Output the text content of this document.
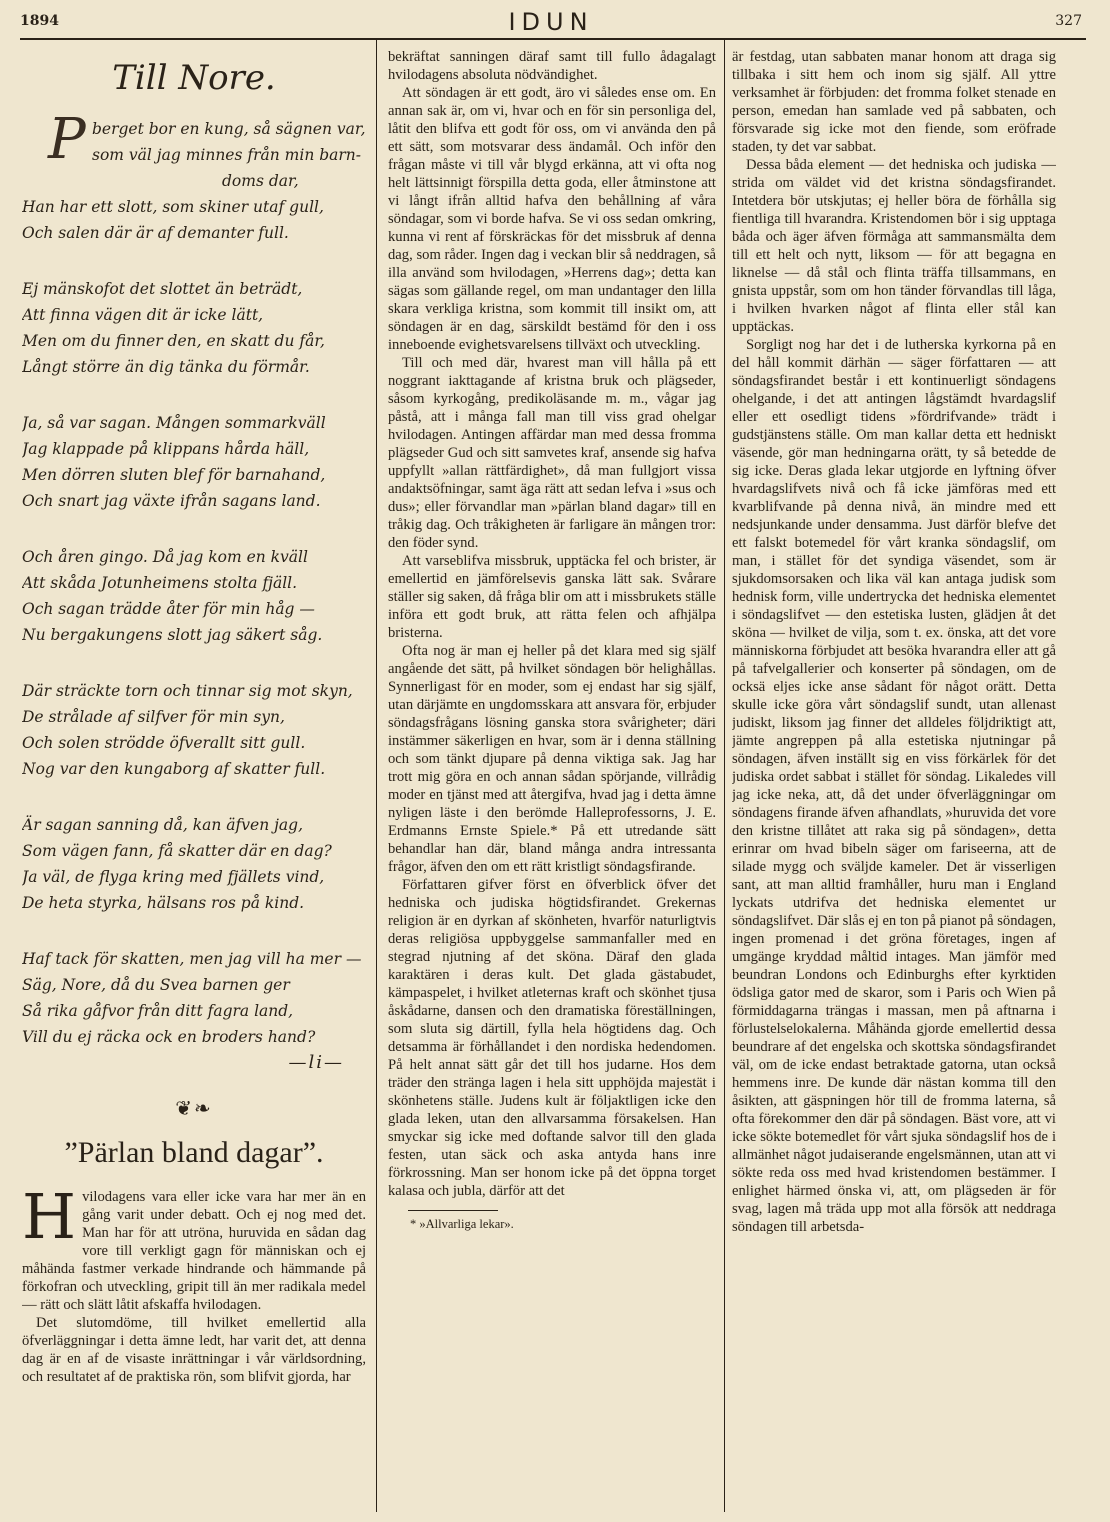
1894	IDUN	327
Till Nore.
P berget bor en kung, så sägnen var,
som väl jag minnes från min barn-
doms dar,
Han har ett slott, som skiner utaf gull,
Och salen där är af demanter full.
Ej mänskofot det slottet än beträdt,
Att finna vägen dit är icke lätt,
Men om du finner den, en skatt du får,
Långt större än dig tänka du förmår.
Ja, så var sagan. Mången sommarkväll
Jag klappade på klippans hårda häll,
Men dörren sluten blef för barnahand,
Och snart jag växte ifrån sagans land.
Och åren gingo. Då jag kom en kväll
Att skåda Jotunheimens stolta fjäll.
Och sagan trädde åter för min håg —
Nu bergakungens slott jag säkert såg.
Där sträckte torn och tinnar sig mot skyn,
De strålade af silfver för min syn,
Och solen strödde öfverallt sitt gull.
Nog var den kungaborg af skatter full.
Är sagan sanning då, kan äfven jag,
Som vägen fann, få skatter där en dag?
Ja väl, de flyga kring med fjällets vind,
De heta styrka, hälsans ros på kind.
Haf tack för skatten, men jag vill ha mer —
Säg, Nore, då du Svea barnen ger
Så rika gåfvor från ditt fagra land,
Vill du ej räcka ock en broders hand?
—li—
❦❧
”Pärlan bland dagar”.

Hvilodagens vara eller icke vara har mer än en gång varit under debatt. Och ej nog med det. Man har för att utröna, huruvida en sådan dag vore till verkligt gagn för människan och ej måhända fastmer verkade hindrande och hämmande på förkofran och utveckling, gripit till än mer radikala medel — rätt och slätt låtit afskaffa hvilodagen.

Det slutomdöme, till hvilket emellertid alla öfverläggningar i detta ämne ledt, har varit det, att denna dag är en af de visaste inrättningar i vår världsordning, och resultatet af de praktiska rön, som blifvit gjorda, har

bekräftat sanningen däraf samt till fullo ådagalagt hvilodagens absoluta nödvändighet.

Att söndagen är ett godt, äro vi således ense om. En annan sak är, om vi, hvar och en för sin personliga del, låtit den blifva ett godt för oss, om vi använda den på ett sätt, som motsvarar dess ändamål. Och inför den frågan måste vi till vår blygd erkänna, att vi ofta nog helt lättsinnigt förspilla detta goda, eller åtminstone att vi långt ifrån alltid hafva den behållning af våra söndagar, som vi borde hafva. Se vi oss sedan omkring, kunna vi rent af förskräckas för det missbruk af denna dag, som råder. Ingen dag i veckan blir så neddragen, så illa använd som hvilodagen, »Herrens dag»; detta kan sägas som gällande regel, om man undantager den lilla skara verkliga kristna, som kommit till insikt om, att söndagen är en dag, särskildt bestämd för den i oss inneboende evighetsvarelsens tillväxt och utveckling.

Till och med där, hvarest man vill hålla på ett noggrant iakttagande af kristna bruk och plägseder, såsom kyrkogång, predikoläsande m. m., vågar jag påstå, att i många fall man till viss grad ohelgar hvilodagen. Antingen affärdar man med dessa fromma plägseder Gud och sitt samvetes kraf, ansende sig hafva uppfyllt »allan rättfärdighet», då man fullgjort vissa andaktsöfningar, samt äga rätt att sedan lefva i »sus och dus»; eller förvandlar man »pärlan bland dagar» till en tråkig dag. Och tråkigheten är farligare än mången tror: den föder synd.

Att varseblifva missbruk, upptäcka fel och brister, är emellertid en jämförelsevis ganska lätt sak. Svårare ställer sig saken, då fråga blir om att i missbrukets ställe införa ett godt bruk, att rätta felen och afhjälpa bristerna.

Ofta nog är man ej heller på det klara med sig själf angående det sätt, på hvilket söndagen bör helighållas. Synnerligast för en moder, som ej endast har sig själf, utan därjämte en ungdomsskara att ansvara för, erbjuder söndagsfrågans lösning ganska stora svårigheter; däri instämmer säkerligen en hvar, som är i denna ställning och som tänkt djupare på denna viktiga sak. Jag har trott mig göra en och annan sådan spörjande, villrådig moder en tjänst med att återgifva, hvad jag i detta ämne nyligen läste i den berömde Halleprofessorns, J. E. Erdmanns Ernste Spiele.* På ett utredande sätt behandlar han där, bland många andra intressanta frågor, äfven den om ett rätt kristligt söndagsfirande.

Författaren gifver först en öfverblick öfver det hedniska och judiska högtidsfirandet. Grekernas religion är en dyrkan af skönheten, hvarför naturligtvis deras religiösa uppbyggelse sammanfaller med en stegrad njutning af det sköna. Däraf den glada karaktären i deras kult. Det glada gästabudet, kämpaspelet, i hvilket atleternas kraft och skönhet tjusa åskådarne, dansen och den dramatiska föreställningen, som sluta sig därtill, fylla hela högtidens dag. Och detsamma är förhållandet i den nordiska hedendomen. På helt annat sätt går det till hos judarne. Hos dem träder den stränga lagen i hela sitt upphöjda majestät i skönhetens ställe. Judens kult är följaktligen icke den glada leken, utan den allvarsamma försakelsen. Han smyckar sig icke med doftande salvor till den glada festen, utan säck och aska antyda hans inre förkrossning. Man ser honom icke på det öppna torget kalasa och jubla, därför att det

* »Allvarliga lekar».

är festdag, utan sabbaten manar honom att draga sig tillbaka i sitt hem och inom sig själf. All yttre verksamhet är förbjuden: det fromma folket stenade en person, emedan han samlade ved på sabbaten, och försvarade sig icke mot den fiende, som eröfrade staden, ty det var sabbat.

Dessa båda element — det hedniska och judiska — strida om väldet vid det kristna söndagsfirandet. Intetdera bör utskjutas; ej heller böra de förhålla sig fientliga till hvarandra. Kristendomen bör i sig upptaga båda och äger äfven förmåga att sammansmälta dem till ett helt och nytt, liksom — för att begagna en liknelse — då stål och flinta träffa tillsammans, en gnista uppstår, som om hon tänder förvandlas till låga, i hvilken hvarken något af flinta eller stål kan upptäckas.

Sorgligt nog har det i de lutherska kyrkorna på en del håll kommit därhän — säger författaren — att söndagsfirandet består i ett kontinuerligt söndagens ohelgande, i det att antingen lågstämdt hvardagslif eller ett osedligt tidens »fördrifvande» trädt i gudstjänstens ställe. Om man kallar detta ett hedniskt väsende, gör man hedningarna orätt, ty så betedde de sig icke. Deras glada lekar utgjorde en lyftning öfver hvardagslifvets nivå och få icke jämföras med ett kvarblifvande på denna nivå, än mindre med ett nedsjunkande under densamma. Just därför blefve det ett falskt botemedel för vårt krankа söndagslif, om man, i stället för det syndiga väsendet, som är sjukdomsorsaken och lika väl kan antaga judisk som hednisk form, ville undertrycka det hedniska elementet i söndagslifvet — den estetiska lusten, glädjen åt det sköna — hvilket de vilja, som t. ex. önska, att det vore människorna förbjudet att besöka hvarandra eller att gå på tafvelgallerier och konserter på söndagen, om de ocksä eljes icke anse sådant för något orätt. Detta skulle icke göra vårt söndagslif sundt, utan allenast judiskt, liksom jag finner det alldeles följdriktigt att, jämte angreppen på alla estetiska njutningar på söndagen, äfven inställt sig en viss förkärlek för det judiska ordet sabbat i stället för söndag. Likaledes vill jag icke neka, att, då det under öfverläggningar om söndagens firande äfven afhandlats, »huruvida det vore den kristne tillåtet att raka sig på söndagen», detta erinrar om hvad bibeln säger om fariseerna, att de silade mygg och sväljde kameler. Det är visserligen sant, att man alltid framhåller, huru man i England lyckats utdrifva det hedniska elementet ur söndagslifvet. Där slås ej en ton på pianot på söndagen, ingen promenad i det gröna företages, ingen af umgänge kryddad måltid intages. Man jämför med beundran Londons och Edinburghs efter kyrktiden ödsliga gator med de skaror, som i Paris och Wien på förmiddagarna trängas i massan, men på aftnarna i förlustelselokalerna. Måhända gjorde emellertid dessa beundrare af det engelska och skottska söndagsfirandet väl, om de icke endast betraktade gatorna, utan också hemmens inre. De kunde där nästan komma till den åsikten, att gäspningen hör till de fromma laterna, så ofta förekommer den där på söndagen. Bäst vore, att vi icke sökte botemedlet för vårt sjuka söndagslif hos de i allmänhet något judaiserande engelsmännen, utan att vi sökte reda oss med hvad kristendomen bestämmer. I enlighet härmed önska vi, att, om plägseden är för svag, lagen må träda upp mot alla försök att neddraga söndagen till arbetsda-
